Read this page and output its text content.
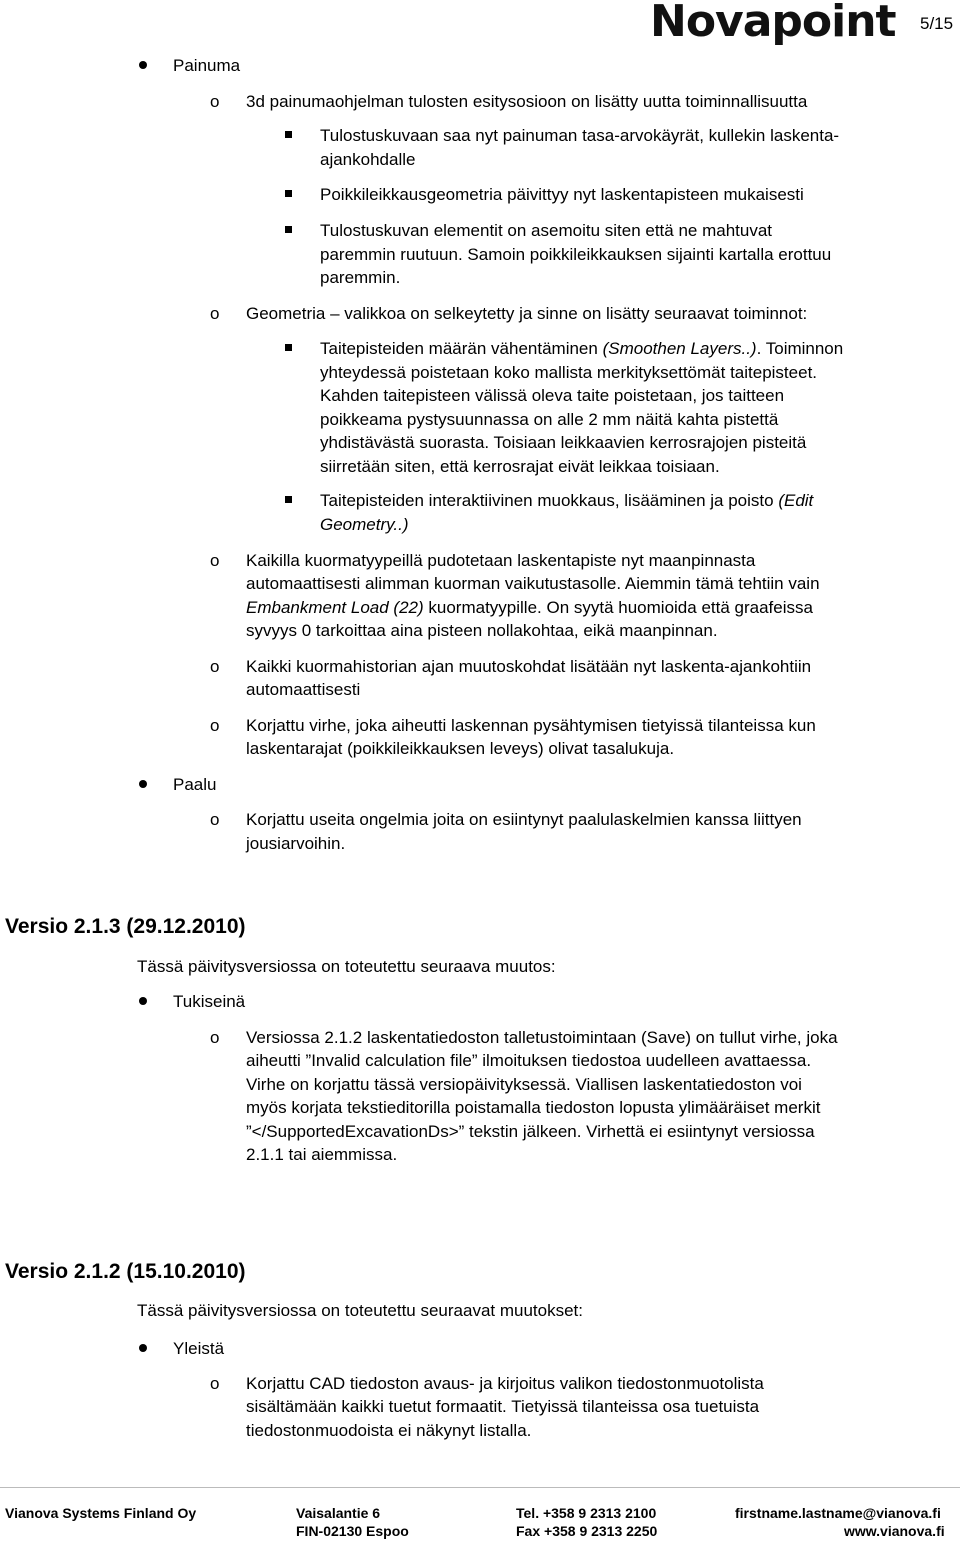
Novapoint 5/15
Painuma
o 3d painumaohjelman tulosten esitysosioon on lisätty uutta toiminnallisuutta
Tulostuskuvaan saa nyt painuman tasa-arvokäyrät, kullekin laskenta-
ajankohdalle
Poikkileikkausgeometria päivittyy nyt laskentapisteen mukaisesti
Tulostuskuvan elementit on asemoitu siten että ne mahtuvat
paremmin ruutuun. Samoin poikkileikkauksen sijainti kartalla erottuu
paremmin.
o Geometria – valikkoa on selkeytetty ja sinne on lisätty seuraavat toiminnot:
Taitepisteiden määrän vähentäminen (Smoothen Layers..). Toiminnon
yhteydessä poistetaan koko mallista merkityksettömät taitepisteet.
Kahden taitepisteen välissä oleva taite poistetaan, jos taitteen
poikkeama pystysuunnassa on alle 2 mm näitä kahta pistettä
yhdistävästä suorasta. Toisiaan leikkaavien kerrosrajojen pisteitä
siirretään siten, että kerrosrajat eivät leikkaa toisiaan.
Taitepisteiden interaktiivinen muokkaus, lisääminen ja poisto (Edit
Geometry..)
o Kaikilla kuormatyypeillä pudotetaan laskentapiste nyt maanpinnasta
automaattisesti alimman kuorman vaikutustasolle. Aiemmin tämä tehtiin vain
Embankment Load (22) kuormatyypille. On syytä huomioida että graafeissa
syvyys 0 tarkoittaa aina pisteen nollakohtaa, eikä maanpinnan.
o Kaikki kuormahistorian ajan muutoskohdat lisätään nyt laskenta-ajankohtiin
automaattisesti
o Korjattu virhe, joka aiheutti laskennan pysähtymisen tietyissä tilanteissa kun
laskentarajat (poikkileikkauksen leveys) olivat tasalukuja.
Paalu
o Korjattu useita ongelmia joita on esiintynyt paalulaskelmien kanssa liittyen
jousiarvoihin.
Versio 2.1.3 (29.12.2010)
Tässä päivitysversiossa on toteutettu seuraava muutos:
Tukiseinä
o Versiossa 2.1.2 laskentatiedoston talletustoimintaan (Save) on tullut virhe, joka
aiheutti ”Invalid calculation file” ilmoituksen tiedostoa uudelleen avattaessa.
Virhe on korjattu tässä versiopäivityksessä. Viallisen laskentatiedoston voi
myös korjata tekstieditorilla poistamalla tiedoston lopusta ylimääräiset merkit
”</SupportedExcavationDs>” tekstin jälkeen. Virhettä ei esiintynyt versiossa
2.1.1 tai aiemmissa.
Versio 2.1.2 (15.10.2010)
Tässä päivitysversiossa on toteutettu seuraavat muutokset:
Yleistä
o Korjattu CAD tiedoston avaus- ja kirjoitus valikon tiedostonmuotolista
sisältämään kaikki tuetut formaatit. Tietyissä tilanteissa osa tuetuista
tiedostonmuodoista ei näkynyt listalla.
Vianova Systems Finland Oy	Vaisalantie 6
FIN-02130 Espoo
Tel. +358 9 2313 2100
Fax +358 9 2313 2250
firstname.lastname@vianova.fi
www.vianova.fi
